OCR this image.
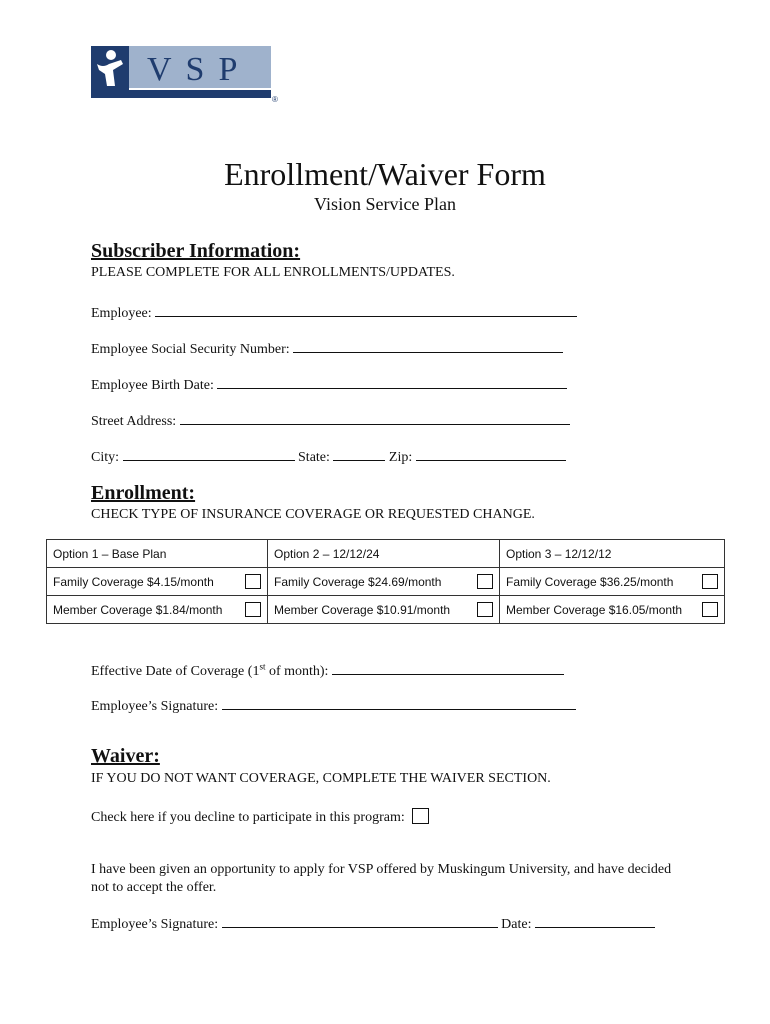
VSP
®
Enrollment/Waiver Form
Vision Service Plan
Subscriber Information:
PLEASE COMPLETE FOR ALL ENROLLMENTS/UPDATES.
Employee:
Employee Social Security Number:
Employee Birth Date:
Street Address:
City:	State:	Zip:
Enrollment:
CHECK TYPE OF INSURANCE COVERAGE OR REQUESTED CHANGE.
Option 1 – Base Plan	Option 2 – 12/12/24	Option 3 – 12/12/12
Family Coverage $4.15/month	Family Coverage $24.69/month	Family Coverage $36.25/month

Member Coverage $1.84/month	Member Coverage $10.91/month	Member Coverage $16.05/month
Effective Date of Coverage (1st of month):
Employee’s Signature:
Waiver:
IF YOU DO NOT WANT COVERAGE, COMPLETE THE WAIVER SECTION.
Check here if you decline to participate in this program:
I have been given an opportunity to apply for VSP offered by Muskingum University, and have decided not to accept the offer.
Employee’s Signature:	Date:
